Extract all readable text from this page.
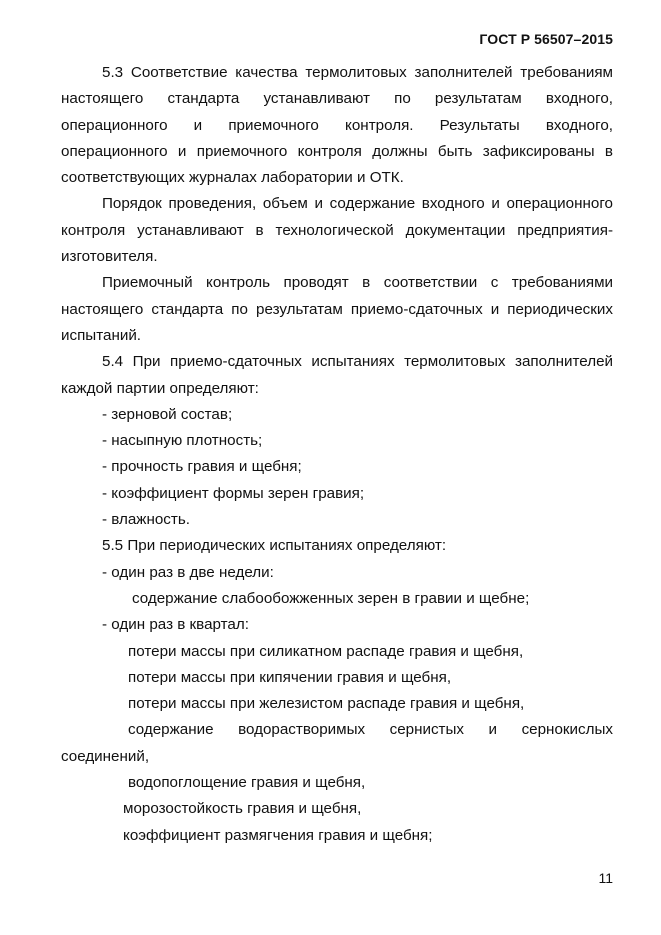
ГОСТ Р 56507–2015

5.3 Соответствие качества термолитовых заполнителей требованиям настоящего стандарта устанавливают по результатам входного, операционного и приемочного контроля. Результаты входного, операционного и приемочного контроля должны быть зафиксированы в соответствующих журналах лаборатории и ОТК.

Порядок проведения, объем и содержание входного и операционного контроля устанавливают в технологической документации предприятия-изготовителя.

Приемочный контроль проводят в соответствии с требованиями настоящего стандарта по результатам приемо-сдаточных и периодических испытаний.

5.4 При приемо-сдаточных испытаниях термолитовых заполнителей каждой партии определяют:

- зерновой состав;

- насыпную плотность;

- прочность гравия и щебня;

- коэффициент формы зерен гравия;

- влажность.

5.5 При периодических испытаниях определяют:

- один раз в две недели:

содержание слабообожженных зерен в гравии и щебне;

- один раз в квартал:

потери массы при силикатном распаде гравия и щебня,

потери массы при кипячении гравия и щебня,

потери массы при железистом распаде гравия и щебня,

содержание водорастворимых сернистых и сернокислых

соединений,

водопоглощение гравия и щебня,

морозостойкость гравия и щебня,

коэффициент размягчения гравия и щебня;

11
